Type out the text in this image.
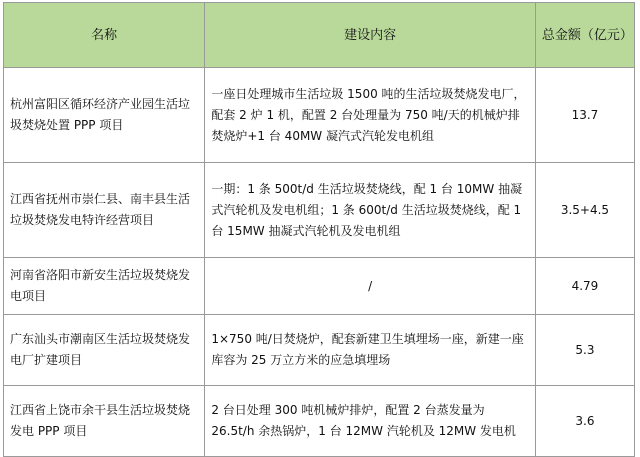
名称	建设内容	总金额（亿元）
杭州富阳区循环经济产业园生活垃圾焚烧处置 PPP 项目	一座日处理城市生活垃圾 1500 吨的生活垃圾焚烧发电厂，配套 2 炉 1 机，配置 2 台处理量为 750 吨/天的机械炉排焚烧炉+1 台 40MW 凝汽式汽轮发电机组	13.7
江西省抚州市崇仁县、南丰县生活垃圾焚烧发电特许经营项目	一期：1 条 500t/d 生活垃圾焚烧线，配 1 台 10MW 抽凝式汽轮机及发电机组；1 条 600t/d 生活垃圾焚烧线，配 1 台 15MW 抽凝式汽轮机及发电机组	3.5+4.5
河南省洛阳市新安生活垃圾焚烧发电项目	/	4.79
广东汕头市潮南区生活垃圾焚烧发电厂扩建项目	1×750 吨/日焚烧炉，配套新建卫生填埋场一座，新建一座库容为 25 万立方米的应急填埋场	5.3
江西省上饶市余干县生活垃圾焚烧发电 PPP 项目	2 台日处理 300 吨机械炉排炉，配置 2 台蒸发量为 26.5t/h 余热锅炉，1 台 12MW 汽轮机及 12MW 发电机	3.6
